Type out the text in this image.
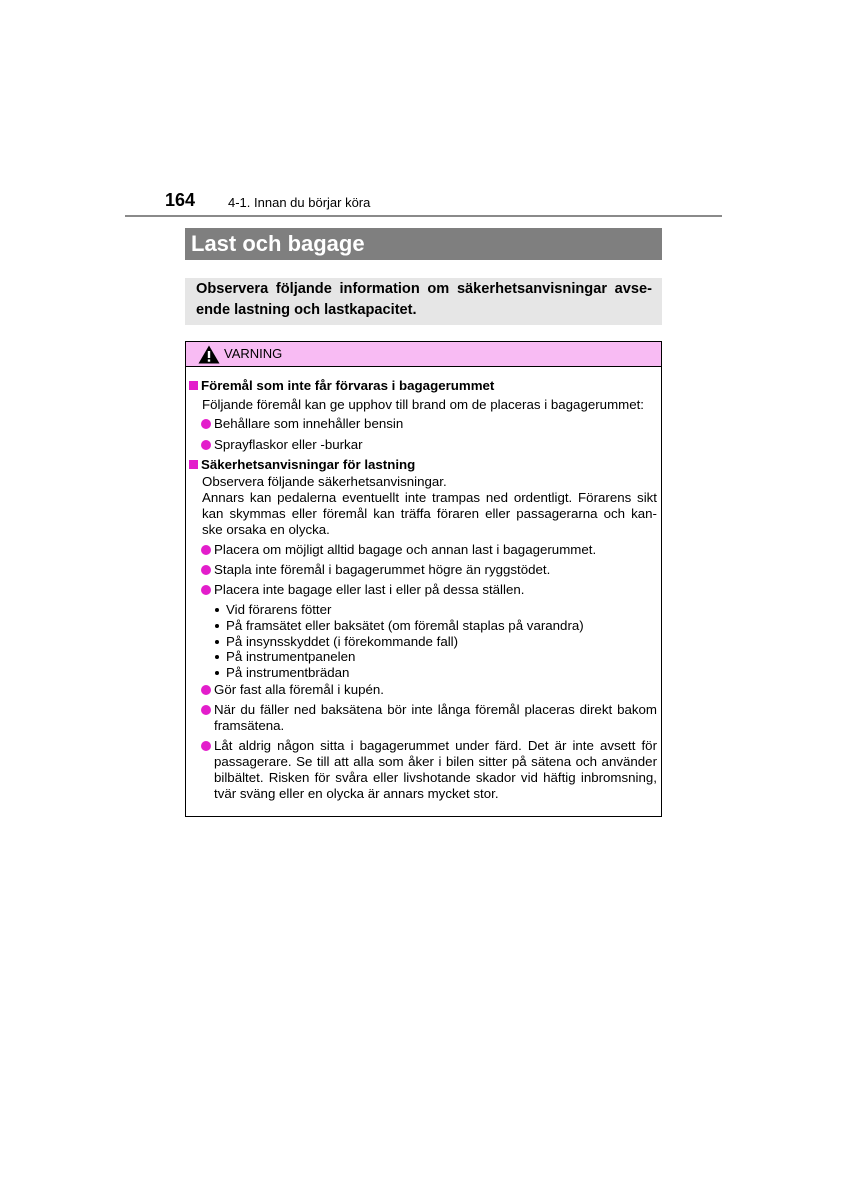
164	4-1. Innan du börjar köra
Last och bagage
Observera följande information om säkerhetsanvisningar avse-
ende lastning och lastkapacitet.
VARNING
Föremål som inte får förvaras i bagagerummet
Följande föremål kan ge upphov till brand om de placeras i bagagerummet:
Behållare som innehåller bensin
Sprayflaskor eller -burkar
Säkerhetsanvisningar för lastning
Observera följande säkerhetsanvisningar.
Annars kan pedalerna eventuellt inte trampas ned ordentligt. Förarens sikt
kan skymmas eller föremål kan träffa föraren eller passagerarna och kan-
ske orsaka en olycka.
Placera om möjligt alltid bagage och annan last i bagagerummet.
Stapla inte föremål i bagagerummet högre än ryggstödet.
Placera inte bagage eller last i eller på dessa ställen.
Vid förarens fötter
På framsätet eller baksätet (om föremål staplas på varandra)
På insynsskyddet (i förekommande fall)
På instrumentpanelen
På instrumentbrädan
Gör fast alla föremål i kupén.
När du fäller ned baksätena bör inte långa föremål placeras direkt bakom
framsätena.
Låt aldrig någon sitta i bagagerummet under färd. Det är inte avsett för
passagerare. Se till att alla som åker i bilen sitter på sätena och använder
bilbältet. Risken för svåra eller livshotande skador vid häftig inbromsning,
tvär sväng eller en olycka är annars mycket stor.
